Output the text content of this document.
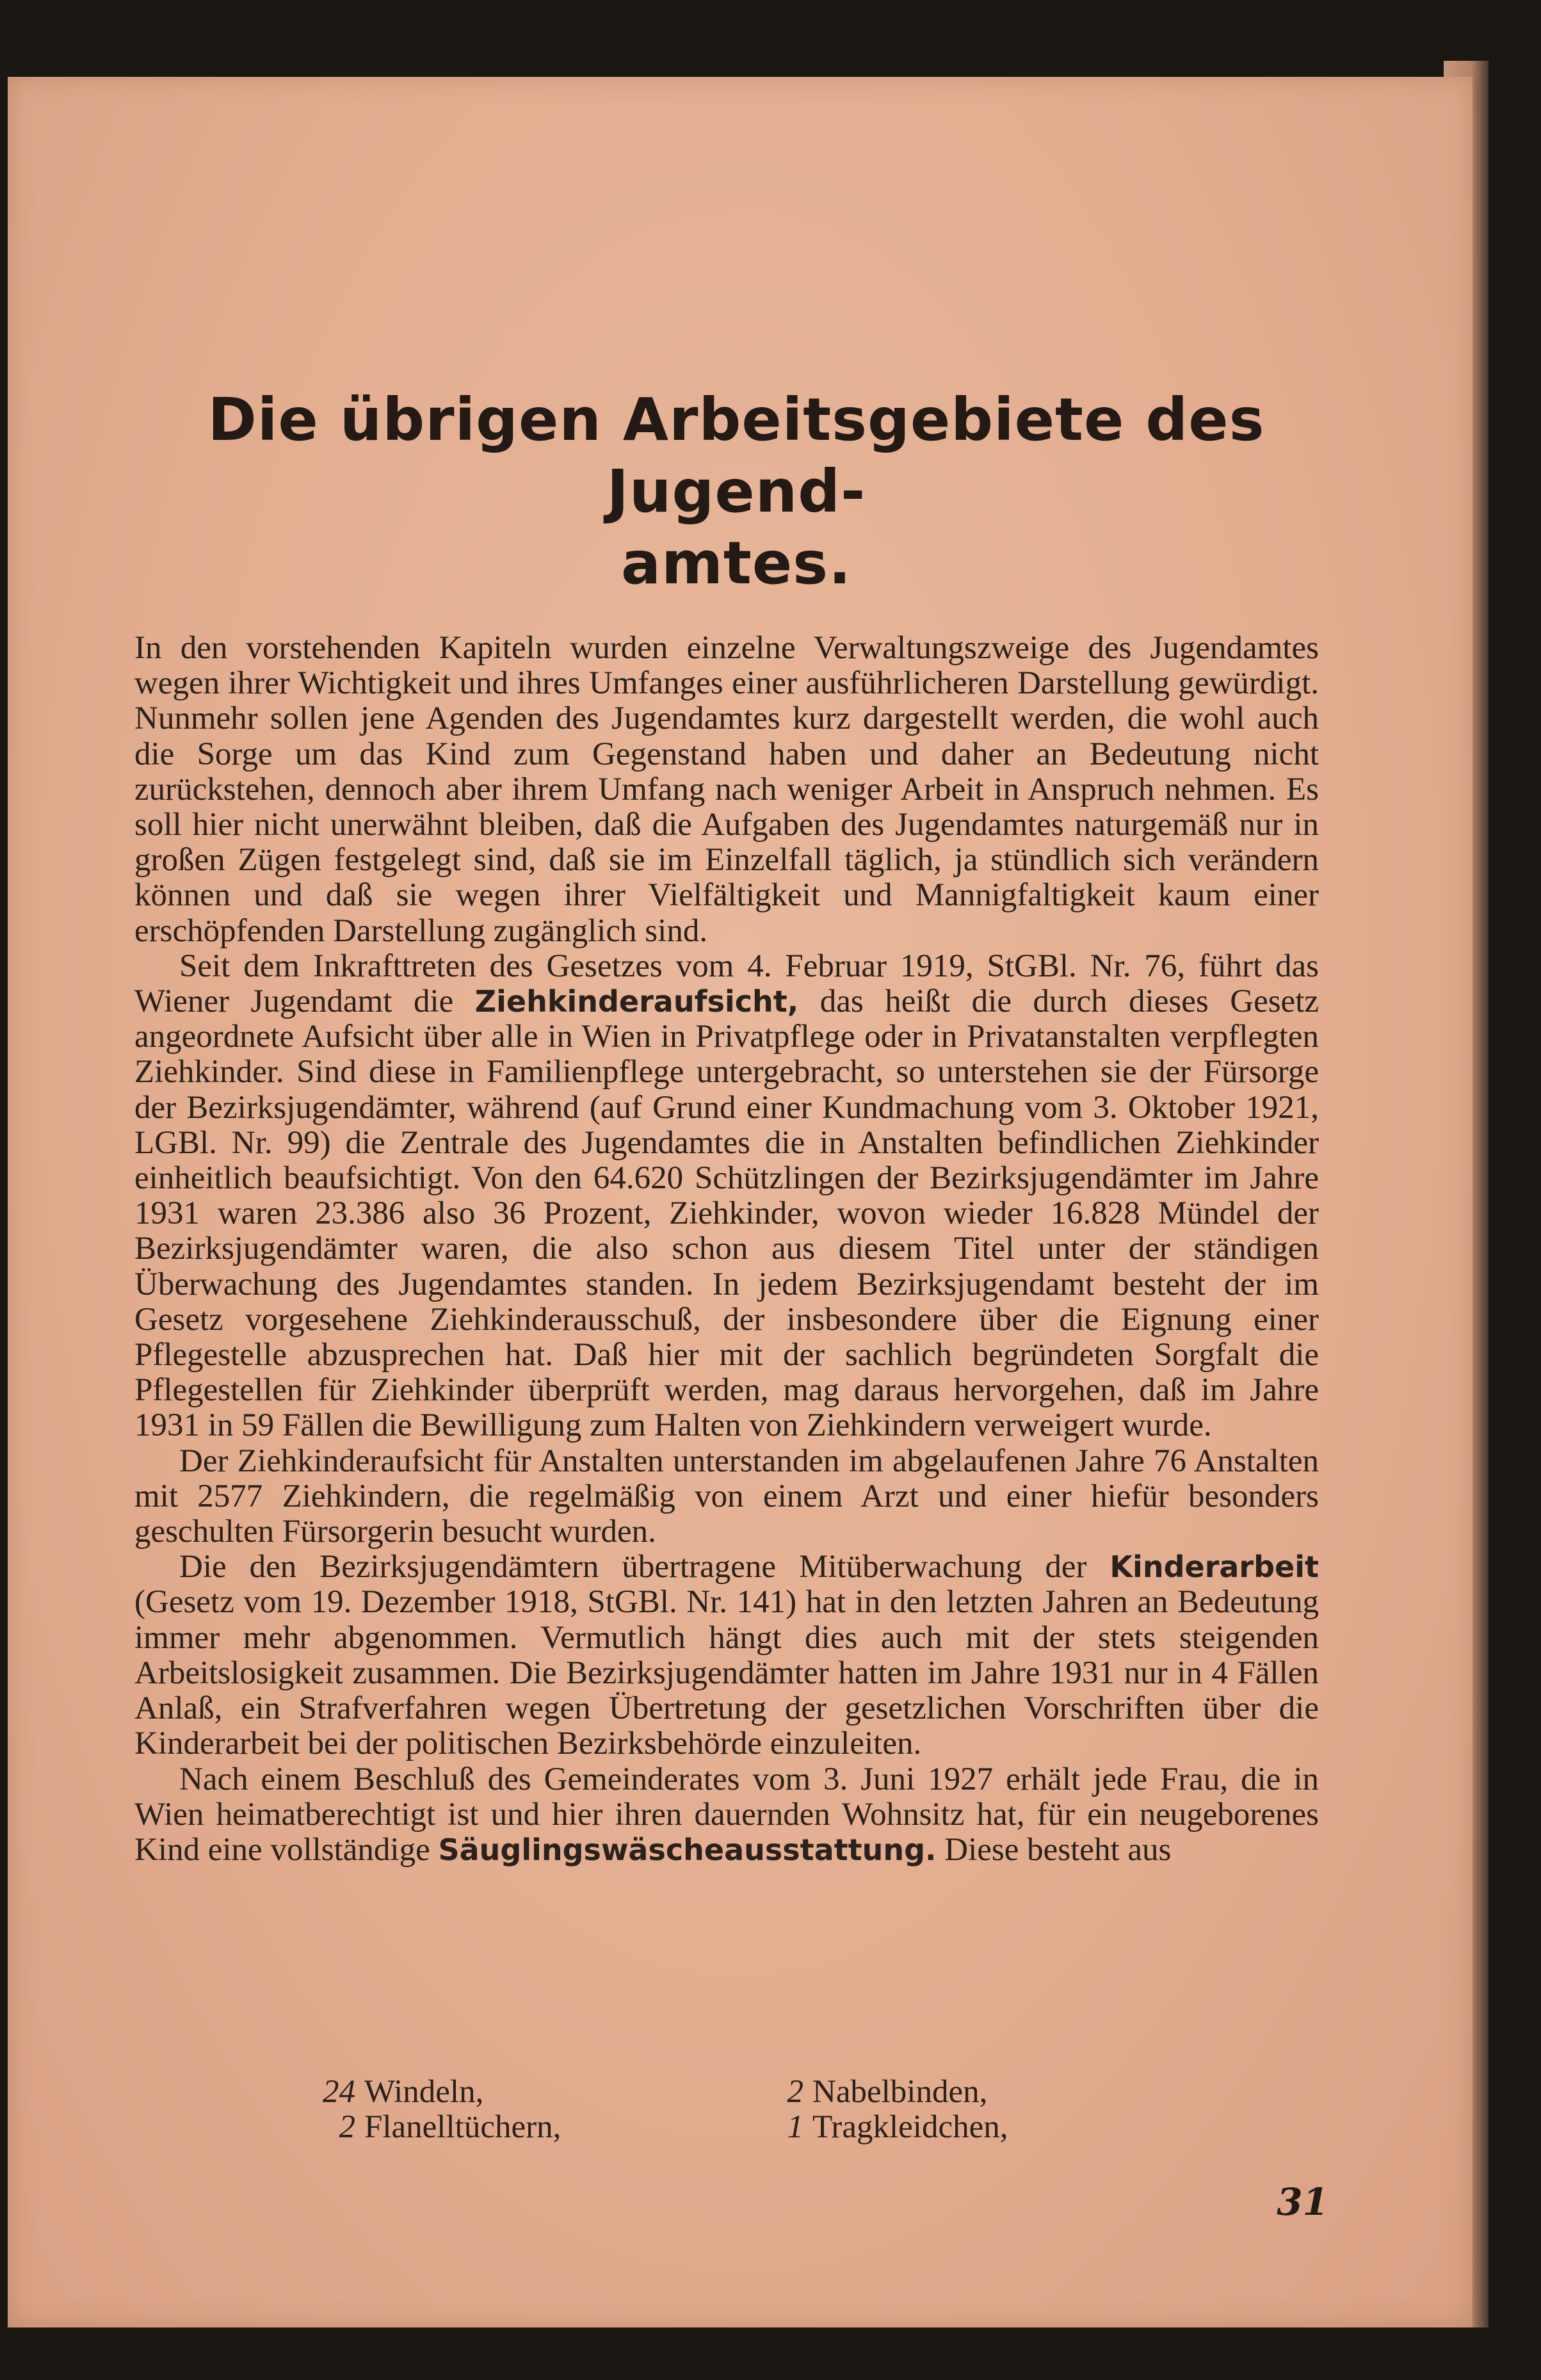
Die übrigen Arbeitsgebiete des Jugend-
amtes.

In den vorstehenden Kapiteln wurden einzelne Verwaltungszweige des Jugendamtes wegen ihrer Wichtigkeit und ihres Umfanges einer ausführlicheren Darstellung gewürdigt. Nunmehr sollen jene Agenden des Jugendamtes kurz dargestellt werden, die wohl auch die Sorge um das Kind zum Gegenstand haben und daher an Bedeutung nicht zurückstehen, dennoch aber ihrem Umfang nach weniger Arbeit in Anspruch nehmen. Es soll hier nicht unerwähnt bleiben, daß die Aufgaben des Jugendamtes naturgemäß nur in großen Zügen festgelegt sind, daß sie im Einzelfall täglich, ja stündlich sich verändern können und daß sie wegen ihrer Vielfältigkeit und Mannigfaltigkeit kaum einer erschöpfenden Darstellung zugänglich sind.

Seit dem Inkrafttreten des Gesetzes vom 4. Februar 1919, StGBl. Nr. 76, führt das Wiener Jugendamt die Ziehkinderaufsicht, das heißt die durch dieses Gesetz angeordnete Aufsicht über alle in Wien in Privatpflege oder in Privatanstalten verpflegten Ziehkinder. Sind diese in Familienpflege untergebracht, so unterstehen sie der Fürsorge der Bezirksjugendämter, während (auf Grund einer Kundmachung vom 3. Oktober 1921, LGBl. Nr. 99) die Zentrale des Jugendamtes die in Anstalten befindlichen Ziehkinder einheitlich beaufsichtigt. Von den 64.620 Schützlingen der Bezirksjugendämter im Jahre 1931 waren 23.386 also 36 Prozent, Ziehkinder, wovon wieder 16.828 Mündel der Bezirksjugendämter waren, die also schon aus diesem Titel unter der ständigen Überwachung des Jugendamtes standen. In jedem Bezirksjugendamt besteht der im Gesetz vorgesehene Ziehkinderausschuß, der insbesondere über die Eignung einer Pflegestelle abzusprechen hat. Daß hier mit der sachlich begründeten Sorgfalt die Pflegestellen für Ziehkinder überprüft werden, mag daraus hervorgehen, daß im Jahre 1931 in 59 Fällen die Bewilligung zum Halten von Ziehkindern verweigert wurde.

Der Ziehkinderaufsicht für Anstalten unterstanden im abgelaufenen Jahre 76 Anstalten mit 2577 Ziehkindern, die regelmäßig von einem Arzt und einer hiefür besonders geschulten Fürsorgerin besucht wurden.

Die den Bezirksjugendämtern übertragene Mitüberwachung der Kinderarbeit (Gesetz vom 19. Dezember 1918, StGBl. Nr. 141) hat in den letzten Jahren an Bedeutung immer mehr abgenommen. Vermutlich hängt dies auch mit der stets steigenden Arbeitslosigkeit zusammen. Die Bezirksjugendämter hatten im Jahre 1931 nur in 4 Fällen Anlaß, ein Strafverfahren wegen Übertretung der gesetzlichen Vorschriften über die Kinderarbeit bei der politischen Bezirksbehörde einzuleiten.

Nach einem Beschluß des Gemeinderates vom 3. Juni 1927 erhält jede Frau, die in Wien heimatberechtigt ist und hier ihren dauernden Wohnsitz hat, für ein neugeborenes Kind eine vollständige Säuglingswäscheausstattung. Diese besteht aus

24 Windeln,	2 Nabelbinden,
2 Flanelltüchern,	1 Tragkleidchen,
31
